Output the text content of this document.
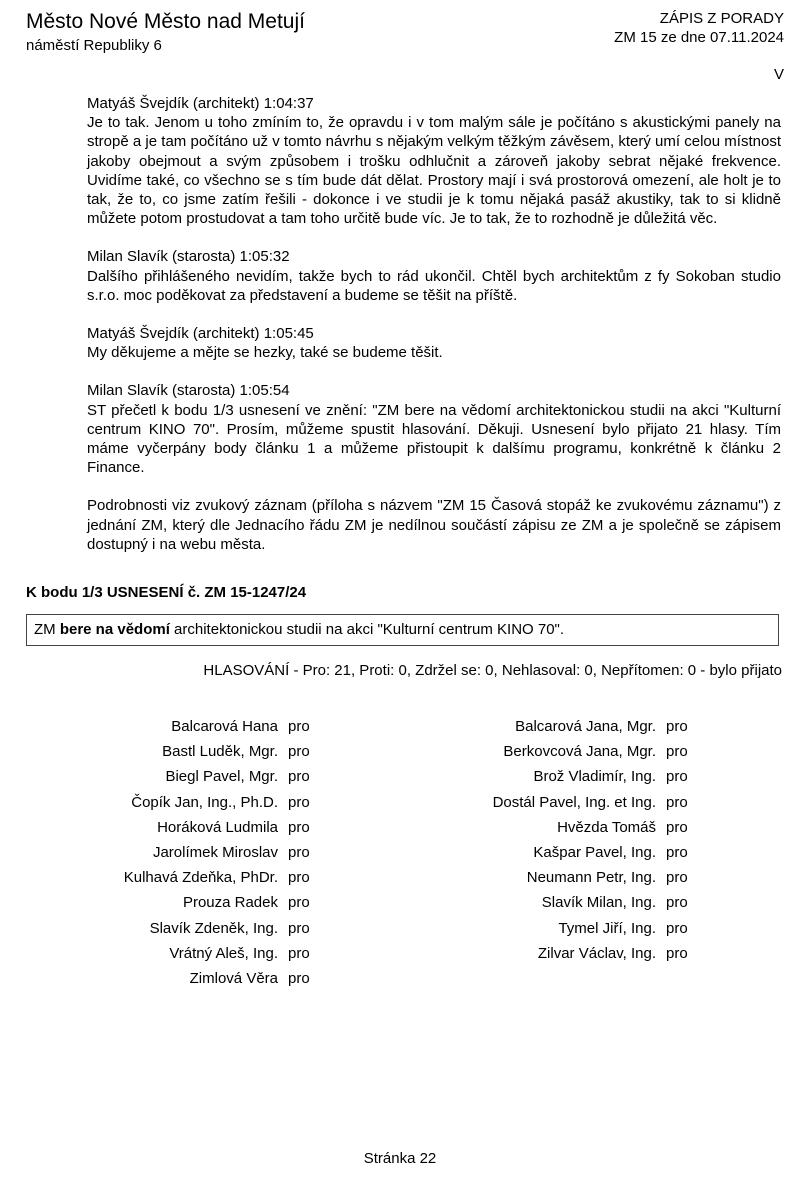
Město Nové Město nad Metují
náměstí Republiky 6
ZÁPIS Z PORADY
ZM 15 ze dne 07.11.2024
V

Matyáš Švejdík (architekt) 1:04:37
Je to tak. Jenom u toho zmíním to, že opravdu i v tom malým sále je počítáno s akustickými panely na stropě a je tam počítáno už v tomto návrhu s nějakým velkým těžkým závěsem, který umí celou místnost jakoby obejmout a svým způsobem i trošku odhlučnit a zároveň jakoby sebrat nějaké frekvence. Uvidíme také, co všechno se s tím bude dát dělat. Prostory mají i svá prostorová omezení, ale holt je to tak, že to, co jsme zatím řešili - dokonce i ve studii je k tomu nějaká pasáž akustiky, tak to si klidně můžete potom prostudovat a tam toho určitě bude víc. Je to tak, že to rozhodně je důležitá věc.

Milan Slavík (starosta) 1:05:32
Dalšího přihlášeného nevidím, takže bych to rád ukončil. Chtěl bych architektům z fy Sokoban studio s.r.o. moc poděkovat za představení a budeme se těšit na příště.

Matyáš Švejdík (architekt) 1:05:45
My děkujeme a mějte se hezky, také se budeme těšit.

Milan Slavík (starosta) 1:05:54
ST přečetl k bodu 1/3 usnesení ve znění: "ZM bere na vědomí architektonickou studii na akci "Kulturní centrum KINO 70". Prosím, můžeme spustit hlasování. Děkuji. Usnesení bylo přijato 21 hlasy. Tím máme vyčerpány body článku 1 a můžeme přistoupit k dalšímu programu, konkrétně k článku 2 Finance.

Podrobnosti viz zvukový záznam (příloha s názvem "ZM 15 Časová stopáž ke zvukovému záznamu") z jednání ZM, který dle Jednacího řádu ZM je nedílnou součástí zápisu ze ZM a je společně se zápisem dostupný i na webu města.

K bodu 1/3 USNESENÍ č. ZM 15-1247/24
ZM bere na vědomí architektonickou studii na akci "Kulturní centrum KINO 70".
HLASOVÁNÍ - Pro: 21, Proti: 0, Zdržel se: 0, Nehlasoval: 0, Nepřítomen: 0 - bylo přijato
Balcarová Hana pro
Bastl Luděk, Mgr. pro
Biegl Pavel, Mgr. pro
Čopík Jan, Ing., Ph.D. pro
Horáková Ludmila pro
Jarolímek Miroslav pro
Kulhavá Zdeňka, PhDr. pro
Prouza Radek pro
Slavík Zdeněk, Ing. pro
Vrátný Aleš, Ing. pro
Zimlová Věra pro
Balcarová Jana, Mgr. pro
Berkovcová Jana, Mgr. pro
Brož Vladimír, Ing. pro
Dostál Pavel, Ing. et Ing. pro
Hvězda Tomáš pro
Kašpar Pavel, Ing. pro
Neumann Petr, Ing. pro
Slavík Milan, Ing. pro
Tymel Jiří, Ing. pro
Zilvar Václav, Ing. pro
Stránka 22
